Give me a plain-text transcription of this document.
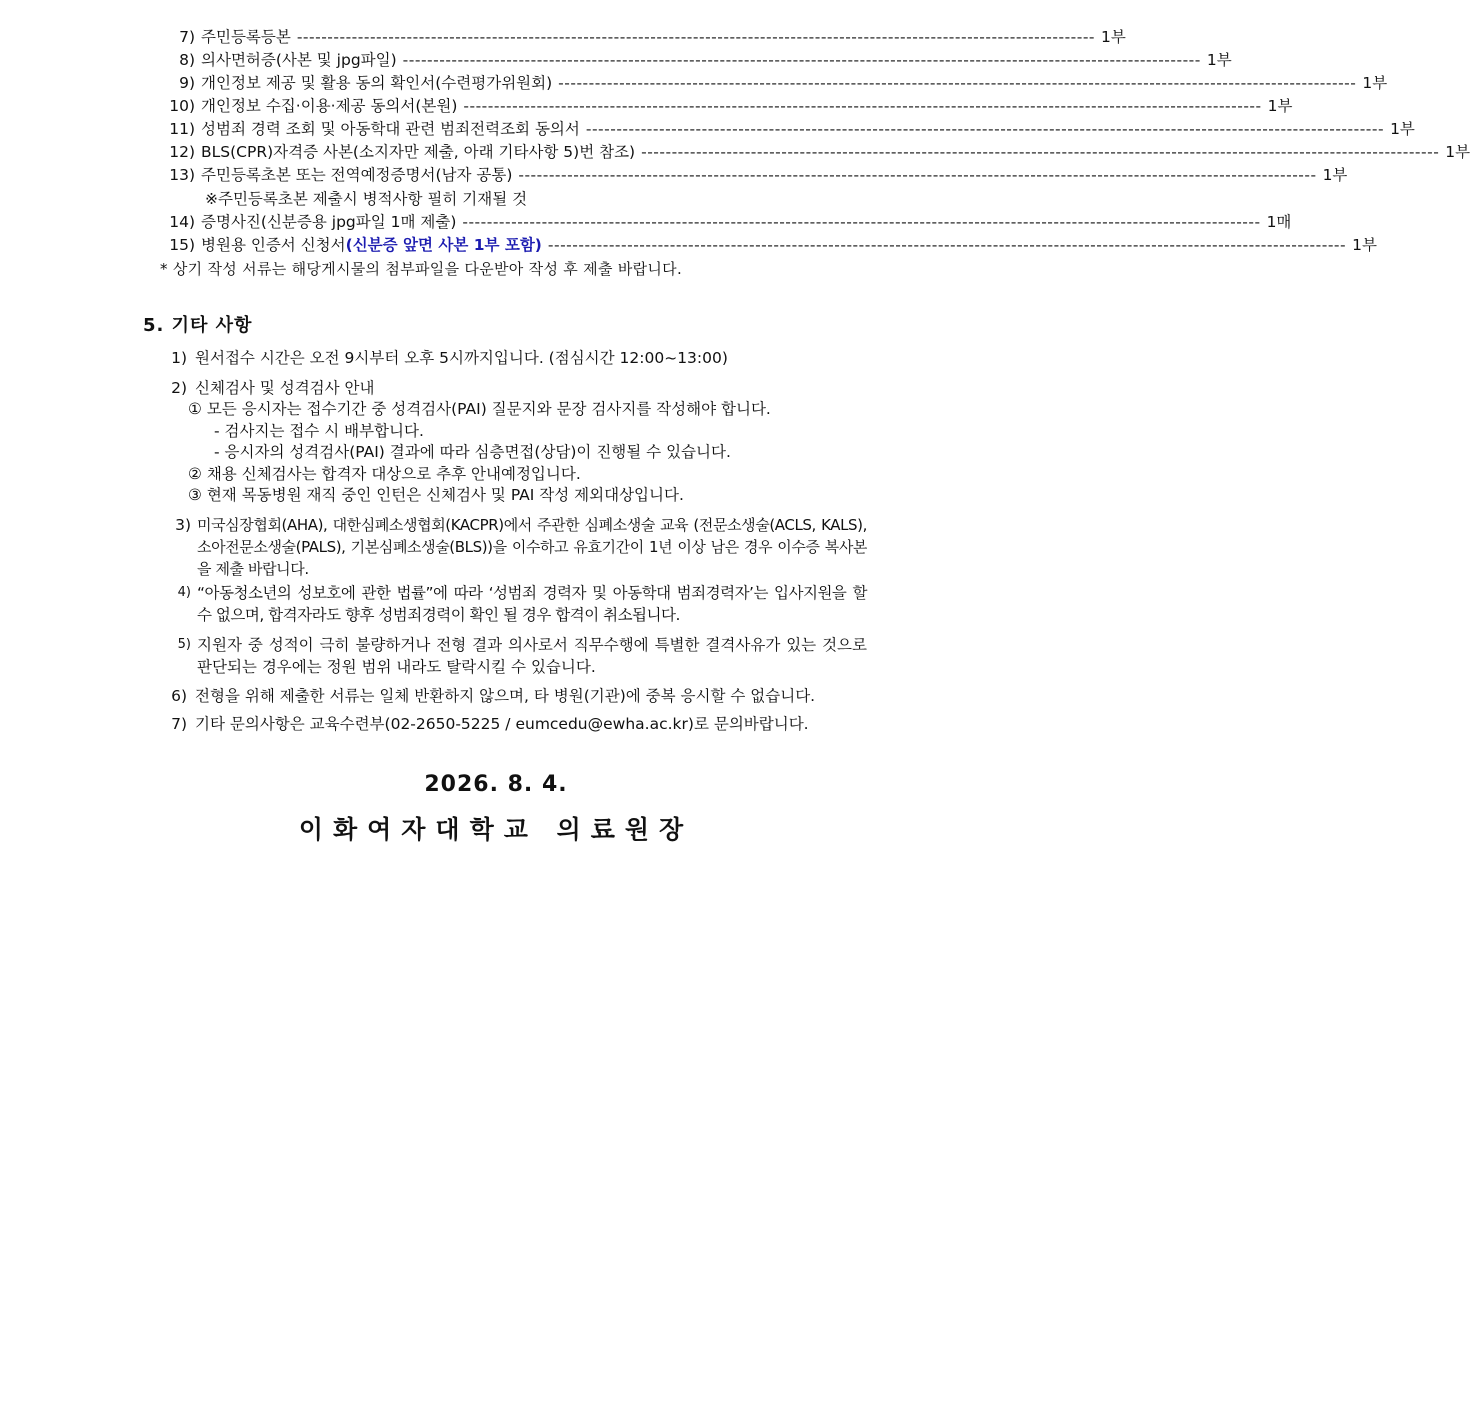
7) 주민등록등본 ----------------------------------------------------------------------------------------------------------------------------------- 1부
8) 의사면허증(사본 및 jpg파일) ----------------------------------------------------------------------------------------------------------------------------------- 1부
9) 개인정보 제공 및 활용 동의 확인서(수련평가위원회) ----------------------------------------------------------------------------------------------------------------------------------- 1부
10) 개인정보 수집·이용·제공 동의서(본원) ----------------------------------------------------------------------------------------------------------------------------------- 1부
11) 성범죄 경력 조회 및 아동학대 관련 범죄전력조회 동의서 ----------------------------------------------------------------------------------------------------------------------------------- 1부
12) BLS(CPR)자격증 사본(소지자만 제출, 아래 기타사항 5)번 참조) ----------------------------------------------------------------------------------------------------------------------------------- 1부
13) 주민등록초본 또는 전역예정증명서(남자 공통) ----------------------------------------------------------------------------------------------------------------------------------- 1부
※주민등록초본 제출시 병적사항 필히 기재될 것
14) 증명사진(신분증용 jpg파일 1매 제출) ----------------------------------------------------------------------------------------------------------------------------------- 1매
15) 병원용 인증서 신청서(신분증 앞면 사본 1부 포함) ----------------------------------------------------------------------------------------------------------------------------------- 1부
* 상기 작성 서류는 해당게시물의 첨부파일을 다운받아 작성 후 제출 바랍니다.
5. 기타 사항
1) 원서접수 시간은 오전 9시부터 오후 5시까지입니다. (점심시간 12:00~13:00)
2) 신체검사 및 성격검사 안내
① 모든 응시자는 접수기간 중 성격검사(PAI) 질문지와 문장 검사지를 작성해야 합니다.
- 검사지는 접수 시 배부합니다.
- 응시자의 성격검사(PAI) 결과에 따라 심층면접(상담)이 진행될 수 있습니다.
② 채용 신체검사는 합격자 대상으로 추후 안내예정입니다.
③ 현재 목동병원 재직 중인 인턴은 신체검사 및 PAI 작성 제외대상입니다.
3) 미국심장협회(AHA), 대한심폐소생협회(KACPR)에서 주관한 심폐소생술 교육 (전문소생술(ACLS, KALS), 소아전문소생술(PALS), 기본심폐소생술(BLS))을 이수하고 유효기간이 1년 이상 남은 경우 이수증 복사본을 제출 바랍니다.
4) “아동청소년의 성보호에 관한 법률”에 따라 ‘성범죄 경력자 및 아동학대 범죄경력자’는 입사지원을 할 수 없으며, 합격자라도 향후 성범죄경력이 확인 될 경우 합격이 취소됩니다.
5) 지원자 중 성적이 극히 불량하거나 전형 결과 의사로서 직무수행에 특별한 결격사유가 있는 것으로 판단되는 경우에는 정원 범위 내라도 탈락시킬 수 있습니다.
6) 전형을 위해 제출한 서류는 일체 반환하지 않으며, 타 병원(기관)에 중복 응시할 수 없습니다.
7) 기타 문의사항은 교육수련부(02-2650-5225 / eumcedu@ewha.ac.kr)로 문의바랍니다.
2026. 8. 4.
이화여자대학교 의료원장
